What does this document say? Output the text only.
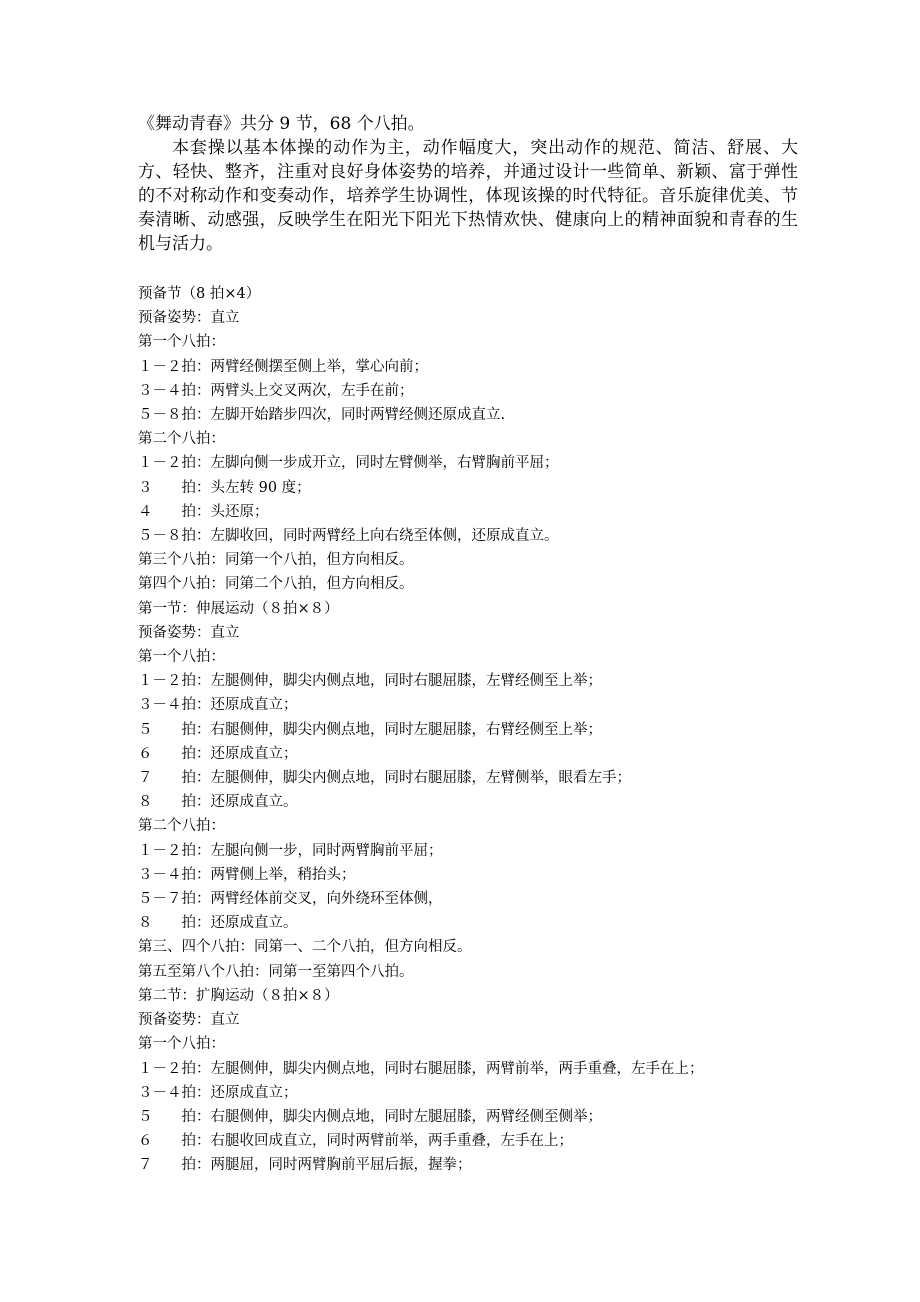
《舞动青春》共分 9 节，68 个八拍。

本套操以基本体操的动作为主，动作幅度大，突出动作的规范、简洁、舒展、大方、轻快、整齐，注重对良好身体姿势的培养，并通过设计一些简单、新颖、富于弹性的不对称动作和变奏动作，培养学生协调性，体现该操的时代特征。音乐旋律优美、节奏清晰、动感强，反映学生在阳光下阳光下热情欢快、健康向上的精神面貌和青春的生机与活力。

预备节（8 拍×4）
预备姿势：直立
第一个八拍：
１－２拍：两臂经侧摆至侧上举，掌心向前；
３－４拍：两臂头上交叉两次，左手在前；
５－８拍：左脚开始踏步四次，同时两臂经侧还原成直立.
第二个八拍：
１－２拍：左脚向侧一步成开立，同时左臂侧举，右臂胸前平屈；
３　　拍：头左转 90 度；
４　　拍：头还原；
５－８拍：左脚收回，同时两臂经上向右绕至体侧，还原成直立。
第三个八拍：同第一个八拍，但方向相反。
第四个八拍：同第二个八拍，但方向相反。
第一节：伸展运动（８拍×８）
预备姿势：直立
第一个八拍：
１－２拍：左腿侧伸，脚尖内侧点地，同时右腿屈膝，左臂经侧至上举；
３－４拍：还原成直立；
５　　拍：右腿侧伸，脚尖内侧点地，同时左腿屈膝，右臂经侧至上举；
６　　拍：还原成直立；
７　　拍：左腿侧伸，脚尖内侧点地，同时右腿屈膝，左臂侧举，眼看左手；
８　　拍：还原成直立。
第二个八拍：
１－２拍：左腿向侧一步，同时两臂胸前平屈；
３－４拍：两臂侧上举，稍抬头；
５－７拍：两臂经体前交叉，向外绕环至体侧，
８　　拍：还原成直立。
第三、四个八拍：同第一、二个八拍，但方向相反。
第五至第八个八拍：同第一至第四个八拍。
第二节：扩胸运动（８拍×８）
预备姿势：直立
第一个八拍：
１－２拍：左腿侧伸，脚尖内侧点地，同时右腿屈膝，两臂前举，两手重叠，左手在上；
３－４拍：还原成直立；
５　　拍：右腿侧伸，脚尖内侧点地，同时左腿屈膝，两臂经侧至侧举；
６　　拍：右腿收回成直立，同时两臂前举，两手重叠，左手在上；
７　　拍：两腿屈，同时两臂胸前平屈后振，握拳；
